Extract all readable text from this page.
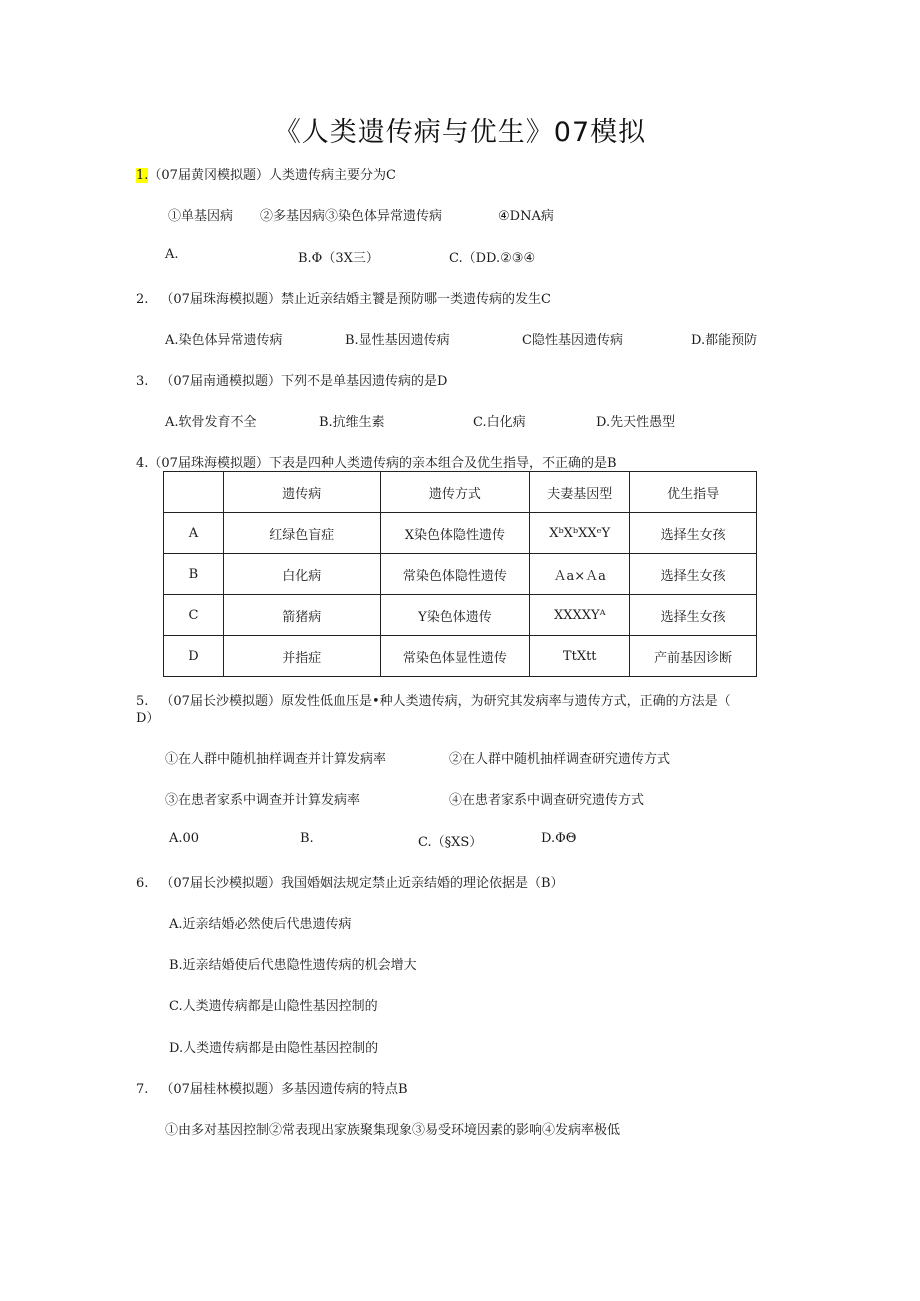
《人类遗传病与优生》07模拟
1.（07届黄冈模拟题）人类遗传病主要分为C
①单基因病 ②多基因病③染色体异常遗传病	④DNA病
A.	B.Φ（3X三）	C.（DD.②③④
2. （07届珠海模拟题）禁止近亲结婚主饕是预防哪一类遗传病的发生C
A.染色体异常遗传病	B.显性基因遗传病	C隐性基因遗传病	D.都能预防
3. （07届南通模拟题）下列不是单基因遗传病的是D
A.软骨发育不全	B.抗维生素	C.白化病	D.先天性愚型
4.（07届珠海模拟题）下表是四种人类遗传病的亲本组合及优生指导，不正确的是B
	遗传病	遗传方式	夫妻基因型	优生指导
A	红绿色盲症	X染色体隐性遗传	XᵇXᵇXXᵉY	选择生女孩
B	白化病	常染色体隐性遗传	Ａa×Ａa	选择生女孩
C	箭猪病	Y染色体遗传	XXXXYᴬ	选择生女孩
D	并指症	常染色体显性遗传	TtXtt	产前基因诊断
5. （07届长沙模拟题）原发性低血压是•种人类遗传病，为研究其发病率与遗传方式，正确的方法是（
D）
①在人群中随机抽样调查并计算发病率	②在人群中随机抽样调查研究遗传方式
③在患者家系中调查并计算发病率	④在患者家系中调查研究遗传方式
A.00	B.	C.（§XS）	D.ΦΘ
6. （07届长沙模拟题）我国婚姻法规定禁止近亲结婚的理论依据是（B）
A.近亲结婚必然使后代患遗传病
B.近亲结婚使后代患隐性遗传病的机会增大
C.人类遗传病都是山隐性基因控制的
D.人类遗传病都是由隐性基因控制的
7. （07届桂林模拟题）多基因遗传病的特点B
①由多对基因控制②常表现出家族聚集现象③易受环境因素的影响④发病率极低
